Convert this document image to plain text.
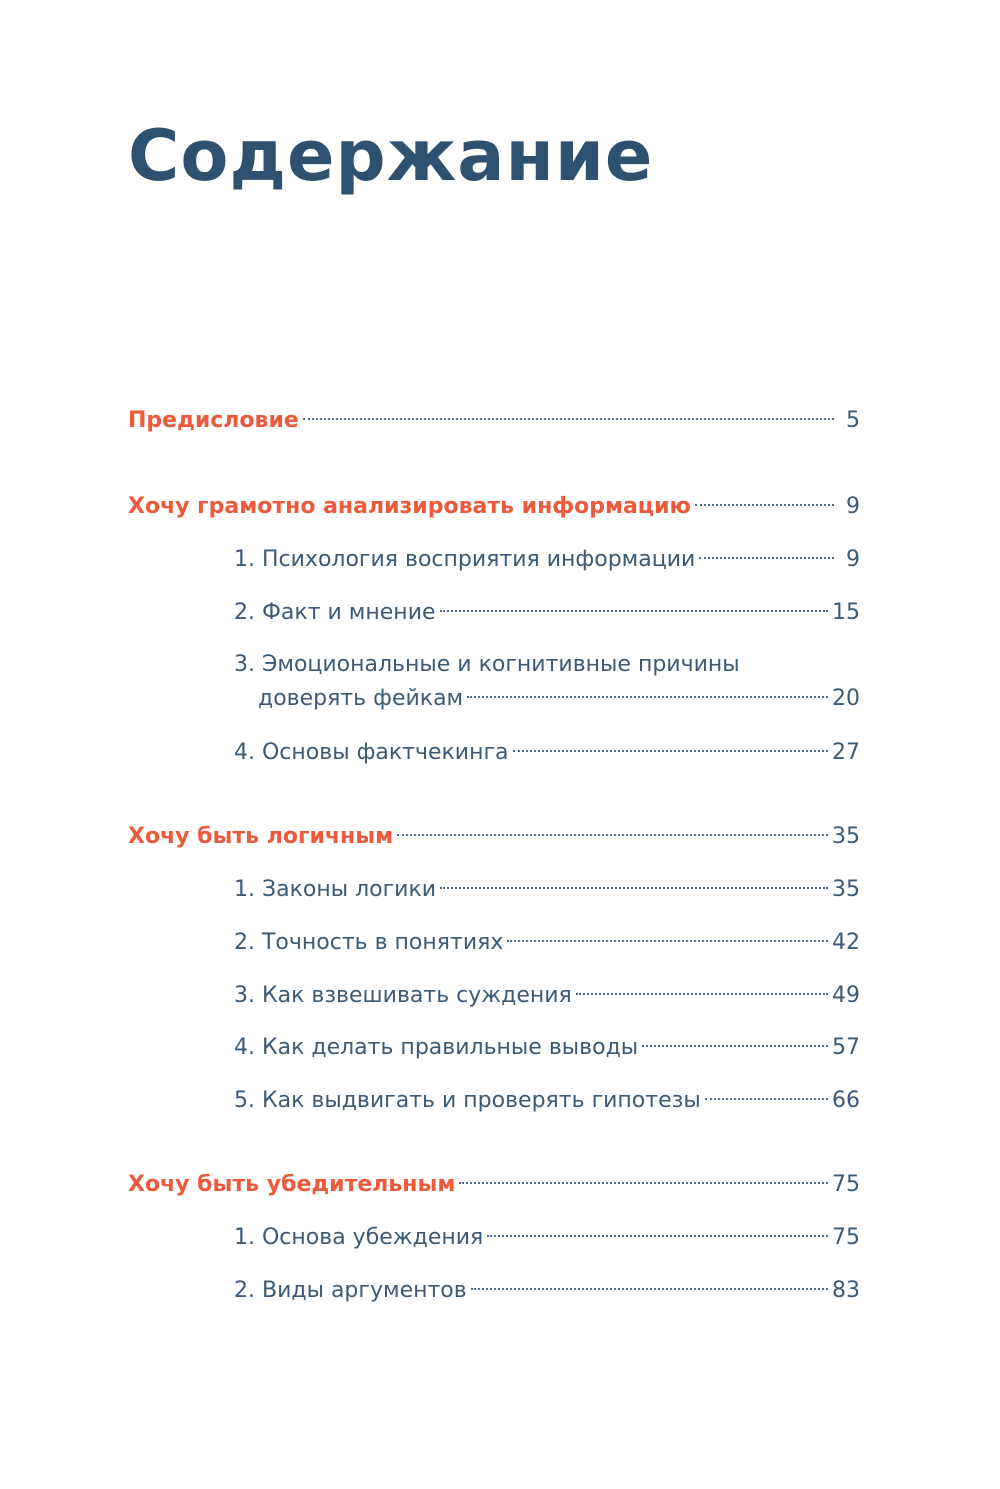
Содержание
Предисловие	5
Хочу грамотно анализировать информацию	9
1. Психология восприятия информации	9
2. Факт и мнение	15
3. Эмоциональные и когнитивные причины
доверять фейкам	20
4. Основы фактчекинга	27
Хочу быть логичным	35
1. Законы логики	35
2. Точность в понятиях	42
3. Как взвешивать суждения	49
4. Как делать правильные выводы	57
5. Как выдвигать и проверять гипотезы	66
Хочу быть убедительным	75
1. Основа убеждения	75
2. Виды аргументов	83
